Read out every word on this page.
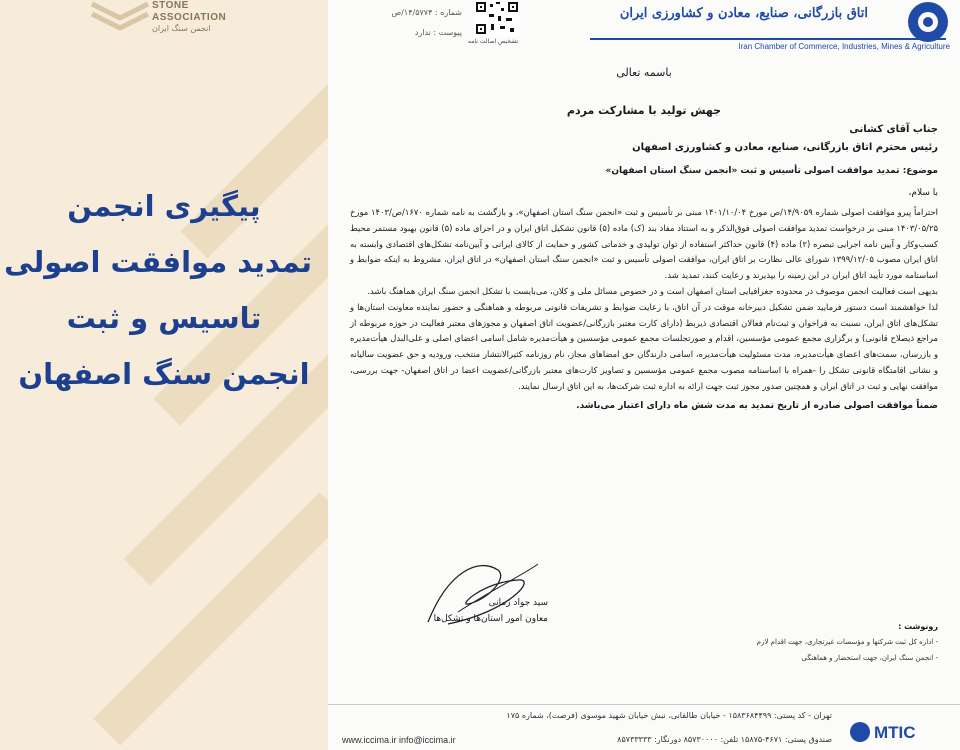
STONE
ASSOCIATION
انجمن سنگ ایران
پیگیری انجمن
تمدید موافقت اصولی
تاسیس و ثبت
انجمن سنگ اصفهان
شماره : ۱۴/۵۷۷۴/ص
پیوست : ندارد
تشخیص اصالت نامه
اتاق بازرگانی، صنایع، معادن و کشاورزی ایران
Iran Chamber of Commerce, Industries, Mines & Agriculture
باسمه تعالی
جهش تولید با مشارکت مردم
جناب آقای کشانی
رئیس محترم اتاق بازرگانی، صنایع، معادن و کشاورزی اصفهان
موضوع: تمدید موافقت اصولی تأسیس و ثبت «انجمن سنگ استان اصفهان»
با سلام،

احتراماً پیرو موافقت اصولی شماره ۱۴/۹۰۵۹/ص مورخ ۱۴۰۱/۱۰/۰۴ مبنی بر تأسیس و ثبت «انجمن سنگ استان اصفهان»، و بازگشت به نامه شماره ۱۶۷۰/ص/۱۴۰۳ مورخ ۱۴۰۳/۰۵/۲۵ مبنی بر درخواست تمدید موافقت اصولی فوق‌الذکر و به استناد مفاد بند (ک) ماده (۵) قانون تشکیل اتاق ایران و در اجرای ماده (۵) قانون بهبود مستمر محیط کسب‌وکار و آیین نامه اجرایی تبصره (۲) ماده (۴) قانون حداکثر استفاده از توان تولیدی و خدماتی کشور و حمایت از کالای ایرانی و آیین‌نامه تشکل‌های اقتصادی وابسته به اتاق ایران مصوب ۱۳۹۹/۱۲/۰۵ شورای عالی نظارت بر اتاق ایران، موافقت اصولی تأسیس و ثبت «انجمن سنگ استان اصفهان» در اتاق ایران، مشروط به اینکه ضوابط و اساسنامه مورد تأیید اتاق ایران در این زمینه را بپذیرند و رعایت کنند، تمدید شد.

بدیهی است فعالیت انجمن موصوف در محدوده جغرافیایی استان اصفهان است و در خصوص مسائل ملی و کلان، می‌بایست با تشکل انجمن سنگ ایران هماهنگ باشد.

لذا خواهشمند است دستور فرمایید ضمن تشکیل دبیرخانه موقت در آن اتاق، با رعایت ضوابط و تشریفات قانونی مربوطه و هماهنگی و حضور نماینده معاونت استان‌ها و تشکل‌های اتاق ایران، نسبت به فراخوان و ثبت‌نام فعالان اقتصادی ذیربط (دارای کارت معتبر بازرگانی/عضویت اتاق اصفهان و مجوزهای معتبر فعالیت در حوزه مربوطه از مراجع ذیصلاح قانونی) و برگزاری مجمع عمومی مؤسسین، اقدام و صورتجلسات مجمع عمومی مؤسسین و هیأت‌مدیره شامل اسامی اعضای اصلی و علی‌البدل هیأت‌مدیره و بازرسان، سمت‌های اعضای هیأت‌مدیره، مدت مسئولیت هیأت‌مدیره، اسامی دارندگان حق امضاهای مجاز، نام روزنامه کثیرالانتشار منتخب، ورودیه و حق عضویت سالیانه و نشانی اقامتگاه قانونی تشکل را -همراه با اساسنامه مصوب مجمع عمومی مؤسسین و تصاویر کارت‌های معتبر بازرگانی/عضویت اعضا در اتاق اصفهان- جهت بررسی، موافقت نهایی و ثبت در اتاق ایران و همچنین صدور مجوز ثبت جهت ارائه به اداره ثبت شرکت‌ها، به این اتاق ارسال نمایند.

ضمناً موافقت اصولی صادره از تاریخ تمدید به مدت شش ماه دارای اعتبار می‌باشد.

سید جواد زمانی
معاون امور استان‌ها و تشکل‌ها
رونوشت :
- اداره کل ثبت شرکتها و مؤسسات غیرتجاری، جهت اقدام لازم
- انجمن سنگ ایران، جهت استحضار و هماهنگی
MTIC
تهران - کد پستی: ۱۵۸۳۶۸۴۴۹۹ - خیابان طالقانی، نبش خیابان شهید موسوی (فرصت)، شماره ۱۷۵
صندوق پستی: ۴۶۷۱-۱۵۸۷۵ تلفن: ۸۵۷۳۰۰۰۰ دورنگار: ۸۵۷۳۳۳۳۳
www.iccima.ir info@iccima.ir
